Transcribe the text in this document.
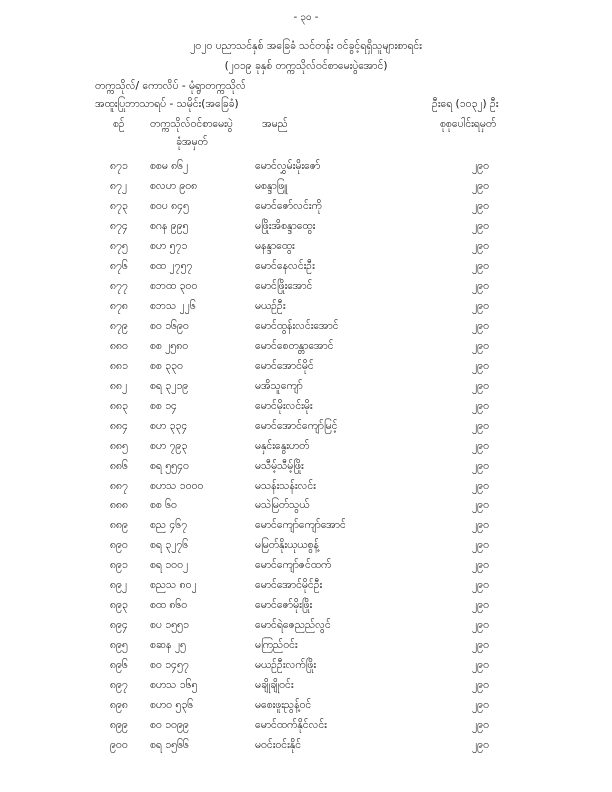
- ၃၀ -
၂၀၂၀ ပညာသင်နှစ် အခြေခံ သင်တန်း ဝင်ခွင့်ရရှိသူများစာရင်း
(၂၀၁၉ ခုနှစ် တက္ကသိုလ်ဝင်စာမေးပွဲအောင်)
တက္ကသိုလ်/ ကောလိပ် - မုံရွာတက္ကသိုလ်
အထူးပြုဘာသာရပ် - သမိုင်း(အခြေခံ)	ဦးရေ (၁၀၃၂) ဦး
စဉ် တက္ကသိုလ်ဝင်စာမေးပွဲ
ခုံအမှတ်
အမည်	စုစုပေါင်းရမှတ်
၈၇၁ စစမ ၈၆၂	မောင်လွှမ်းမိုးဇော်	၂၉၀
၈၇၂ စလဟ ၉၀၈	မစန္ဒာဖြူ	၂၉၀
၈၇၃ စဝပ ၈၄၅	မောင်ဇော်လင်းကို	၂၉၀
၈၇၄ စဂန ၉၉၅	မဖြိုးအိစန္ဒာထွေး	၂၉၀
၈၇၅ စဟ ၅၇၁	မနန္ဒာထွေး	၂၉၀
၈၇၆ စထ ၂၇၅၇	မောင်နေလင်းဦး	၂၉၀
၈၇၇ စဘထ ၃၀၀	မောင်ဖြိုးအောင်	၂၉၀
၈၇၈ စဘသ ၂၂၆	မယဉ်ဦး	၂၉၀
၈၇၉ စဝ ၁၆၉၀	မောင်ထွန်းလင်းအောင်	၂၉၀
၈၈၀ စစ ၂၅၈၀	မောင်စေတန္တာအောင်	၂၉၀
၈၈၁ စစ ၃၃၀	မောင်အောင်မိုင်	၂၉၀
၈၈၂ စရ ၃၂၁၉	မအိသူကျော်	၂၉၀
၈၈၃ စစ ၁၄	မောင်မိုးလင်းမိုး	၂၉၀
၈၈၄ စဟ ၃၃၄	မောင်အောင်ကျော်မြင့်	၂၉၀
၈၈၅ စဟ ၇၉၃	မနှင်းနွေးဟတ်	၂၉၀
၈၈၆ စရ ၅၅၄၀	မသီမ့်သီမ့်ဖြိုး	၂၉၀
၈၈၇ စဟသ ၁၀၀၀	မသန်းသန်းလင်း	၂၉၀
၈၈၈ စစ ၆၀	မသဲမြတ်သွယ်	၂၉၀
၈၈၉ စည ၄၆၇	မောင်ကျော်ကျော်အောင်	၂၉၀
၈၉၀ စရ ၃၂၇၆	မမြတ်နိုးယုယစွန့်	၂၉၀
၈၉၁ စရ ၁၀၀၂	မောင်ကျော်ဇင်ထက်	၂၉၀
၈၉၂ စညသ ၈၀၂	မောင်အောင်မိုင်ဦး	၂၉၀
၈၉၃ စထ ၈၆၀	မောင်ဇော်မိုးဖြိုး	၂၉၀
၈၉၄ စပ ၁၅၅၁	မောင်ရဲဇေညည်လွင်	၂၉၀
၈၉၅ စဆန ၂၅	မကြည်ဝင်း	၂၉၀
၈၉၆ စဝ ၁၄၅၇	မယဉ်ဦးလက်ဖြိုး	၂၉၀
၈၉၇ စဟသ ၁၆၅	မချိုချိုဝင်း	၂၉၀
၈၉၈ စဟဝ ၅၃၆	မစေးဖူးညွန့်ဝင်	၂၉၀
၈၉၉ စဝ ၁၀၉၉	မောင်ထက်နိုင်လင်း	၂၉၀
၉၀၀ စရ ၁၅၆၆	မဝင်းဝင်းနိုင်	၂၉၀
